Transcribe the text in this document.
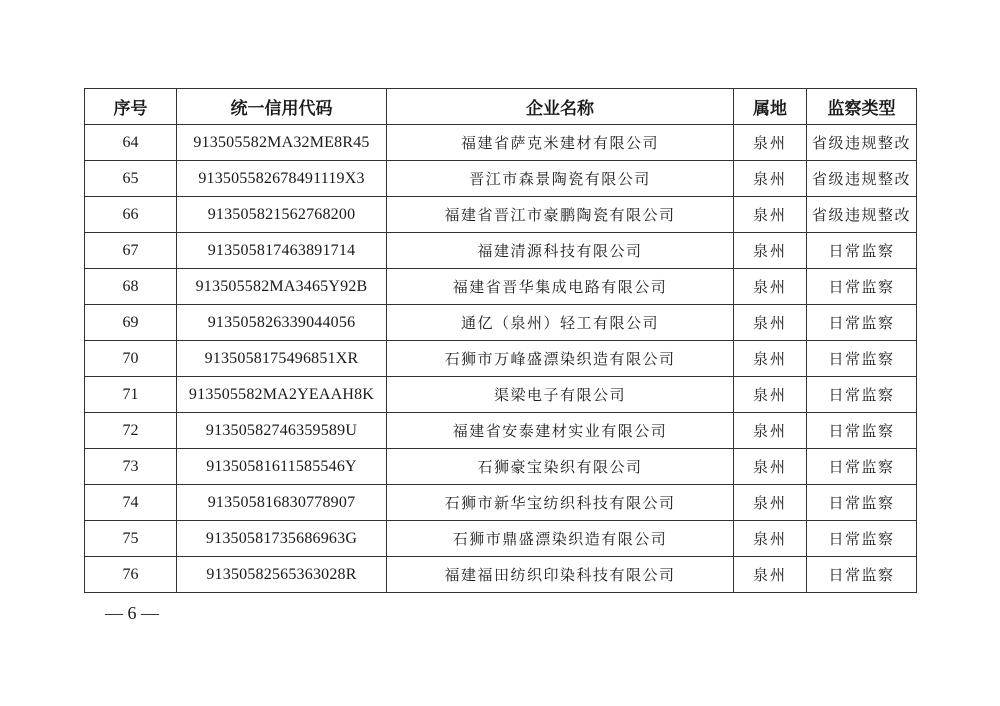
序号	统一信用代码	企业名称	属地	监察类型
64	913505582MA32ME8R45	福建省萨克米建材有限公司	泉州	省级违规整改
65	913505582678491119X3	晋江市森景陶瓷有限公司	泉州	省级违规整改
66	913505821562768200	福建省晋江市豪鹏陶瓷有限公司	泉州	省级违规整改
67	913505817463891714	福建清源科技有限公司	泉州	日常监察
68	913505582MA3465Y92B	福建省晋华集成电路有限公司	泉州	日常监察
69	913505826339044056	通亿（泉州）轻工有限公司	泉州	日常监察
70	9135058175496851XR	石狮市万峰盛漂染织造有限公司	泉州	日常监察
71	913505582MA2YEAAH8K	渠梁电子有限公司	泉州	日常监察
72	91350582746359589U	福建省安泰建材实业有限公司	泉州	日常监察
73	91350581611585546Y	石狮豪宝染织有限公司	泉州	日常监察
74	913505816830778907	石狮市新华宝纺织科技有限公司	泉州	日常监察
75	91350581735686963G	石狮市鼎盛漂染织造有限公司	泉州	日常监察
76	91350582565363028R	福建福田纺织印染科技有限公司	泉州	日常监察
— 6 —
